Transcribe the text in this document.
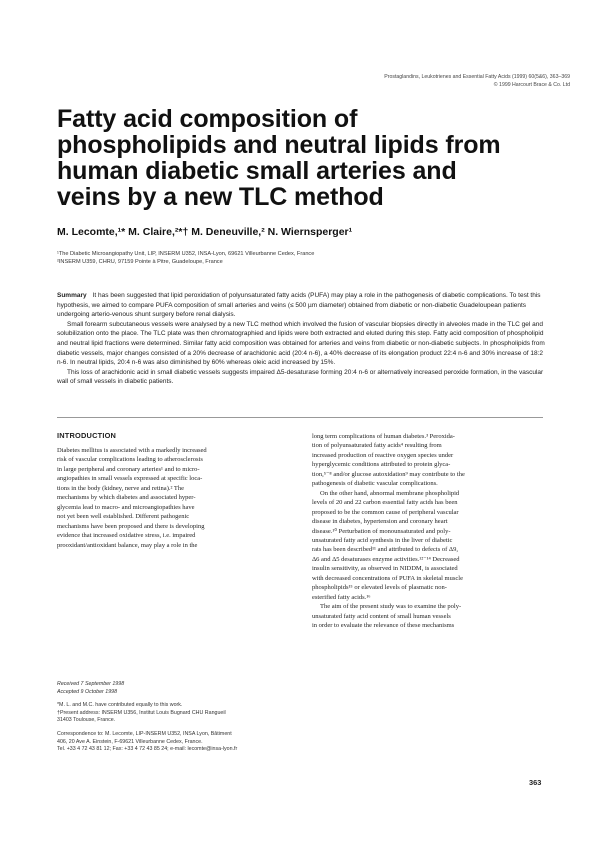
Prostaglandins, Leukotrienes and Essential Fatty Acids (1999) 60(5&6), 363–369
© 1999 Harcourt Brace & Co. Ltd
Fatty acid composition of
phospholipids and neutral lipids from
human diabetic small arteries and
veins by a new TLC method
M. Lecomte,¹* M. Claire,²*† M. Deneuville,² N. Wiernsperger¹
¹The Diabetic Microangiopathy Unit, LIP, INSERM U352, INSA-Lyon, 69621 Villeurbanne Cedex, France
²INSERM U359, CHRU, 97159 Pointe à Pitre, Guadeloupe, France

Summary It has been suggested that lipid peroxidation of polyunsaturated fatty acids (PUFA) may play a role in the pathogenesis of diabetic complications. To test this hypothesis, we aimed to compare PUFA composition of small arteries and veins (≤ 500 µm diameter) obtained from diabetic or non-diabetic Guadeloupean patients undergoing arterio-venous shunt surgery before renal dialysis.

Small forearm subcutaneous vessels were analysed by a new TLC method which involved the fusion of vascular biopsies directly in alveoles made in the TLC gel and solubilization onto the place. The TLC plate was then chromatographied and lipids were both extracted and eluted during this step. Fatty acid composition of phospholipid and neutral lipid fractions were determined. Similar fatty acid composition was obtained for arteries and veins from diabetic or non-diabetic subjects. In phospholipids from diabetic vessels, major changes consisted of a 20% decrease of arachidonic acid (20:4 n-6), a 40% decrease of its elongation product 22:4 n-6 and 30% increase of 18:2 n-6. In neutral lipids, 20:4 n-6 was also diminished by 60% whereas oleic acid increased by 15%.

This loss of arachidonic acid in small diabetic vessels suggests impaired Δ5-desaturase forming 20:4 n-6 or alternatively increased peroxide formation, in the vascular wall of small vessels in diabetic patients.

INTRODUCTION
Diabetes mellitus is associated with a markedly increased
risk of vascular complications leading to atherosclerosis
in large peripheral and coronary arteries¹ and to micro-
angiopathies in small vessels expressed at specific loca-
tions in the body (kidney, nerve and retina).² The
mechanisms by which diabetes and associated hyper-
glycemia lead to macro- and microangiopathies have
not yet been well established. Different pathogenic
mechanisms have been proposed and there is developing
evidence that increased oxidative stress, i.e. impaired
prooxidant/antioxidant balance, may play a role in the
Received 7 September 1998
Accepted 9 October 1998
*M. L. and M.C. have contributed equally to this work.
†Present address: INSERM U356, Institut Louis Bugnard CHU Rangueil
31403 Toulouse, France.
Correspondence to: M. Lecomte, LIP-INSERM U352, INSA Lyon, Bâtiment
406, 20 Ave A. Einstein, F-69621 Villeurbanne Cedex, France.
Tel. +33 4 72 43 81 12; Fax: +33 4 72 43 85 24; e-mail: lecomte@insa-lyon.fr
long term complications of human diabetes.³ Peroxida-
tion of polyunsaturated fatty acids⁴ resulting from
increased production of reactive oxygen species under
hyperglycemic conditions attributed to protein glyca-
tion,⁵⁻⁸ and/or glucose autoxidation⁹ may contribute to the
pathogenesis of diabetic vascular complications.
On the other hand, abnormal membrane phospholipid
levels of 20 and 22 carbon essential fatty acids has been
proposed to be the common cause of peripheral vascular
disease in diabetes, hypertension and coronary heart
disease.¹⁰ Perturbation of monounsaturated and poly-
unsaturated fatty acid synthesis in the liver of diabetic
rats has been described¹¹ and attributed to defects of Δ9,
Δ6 and Δ5 desaturases enzyme activities.¹²⁻¹⁴ Decreased
insulin sensitivity, as observed in NIDDM, is associated
with decreased concentrations of PUFA in skeletal muscle
phospholipids¹⁵ or elevated levels of plasmatic non-
esterified fatty acids.¹⁶
The aim of the present study was to examine the poly-
unsaturated fatty acid content of small human vessels
in order to evaluate the relevance of these mechanisms
363
